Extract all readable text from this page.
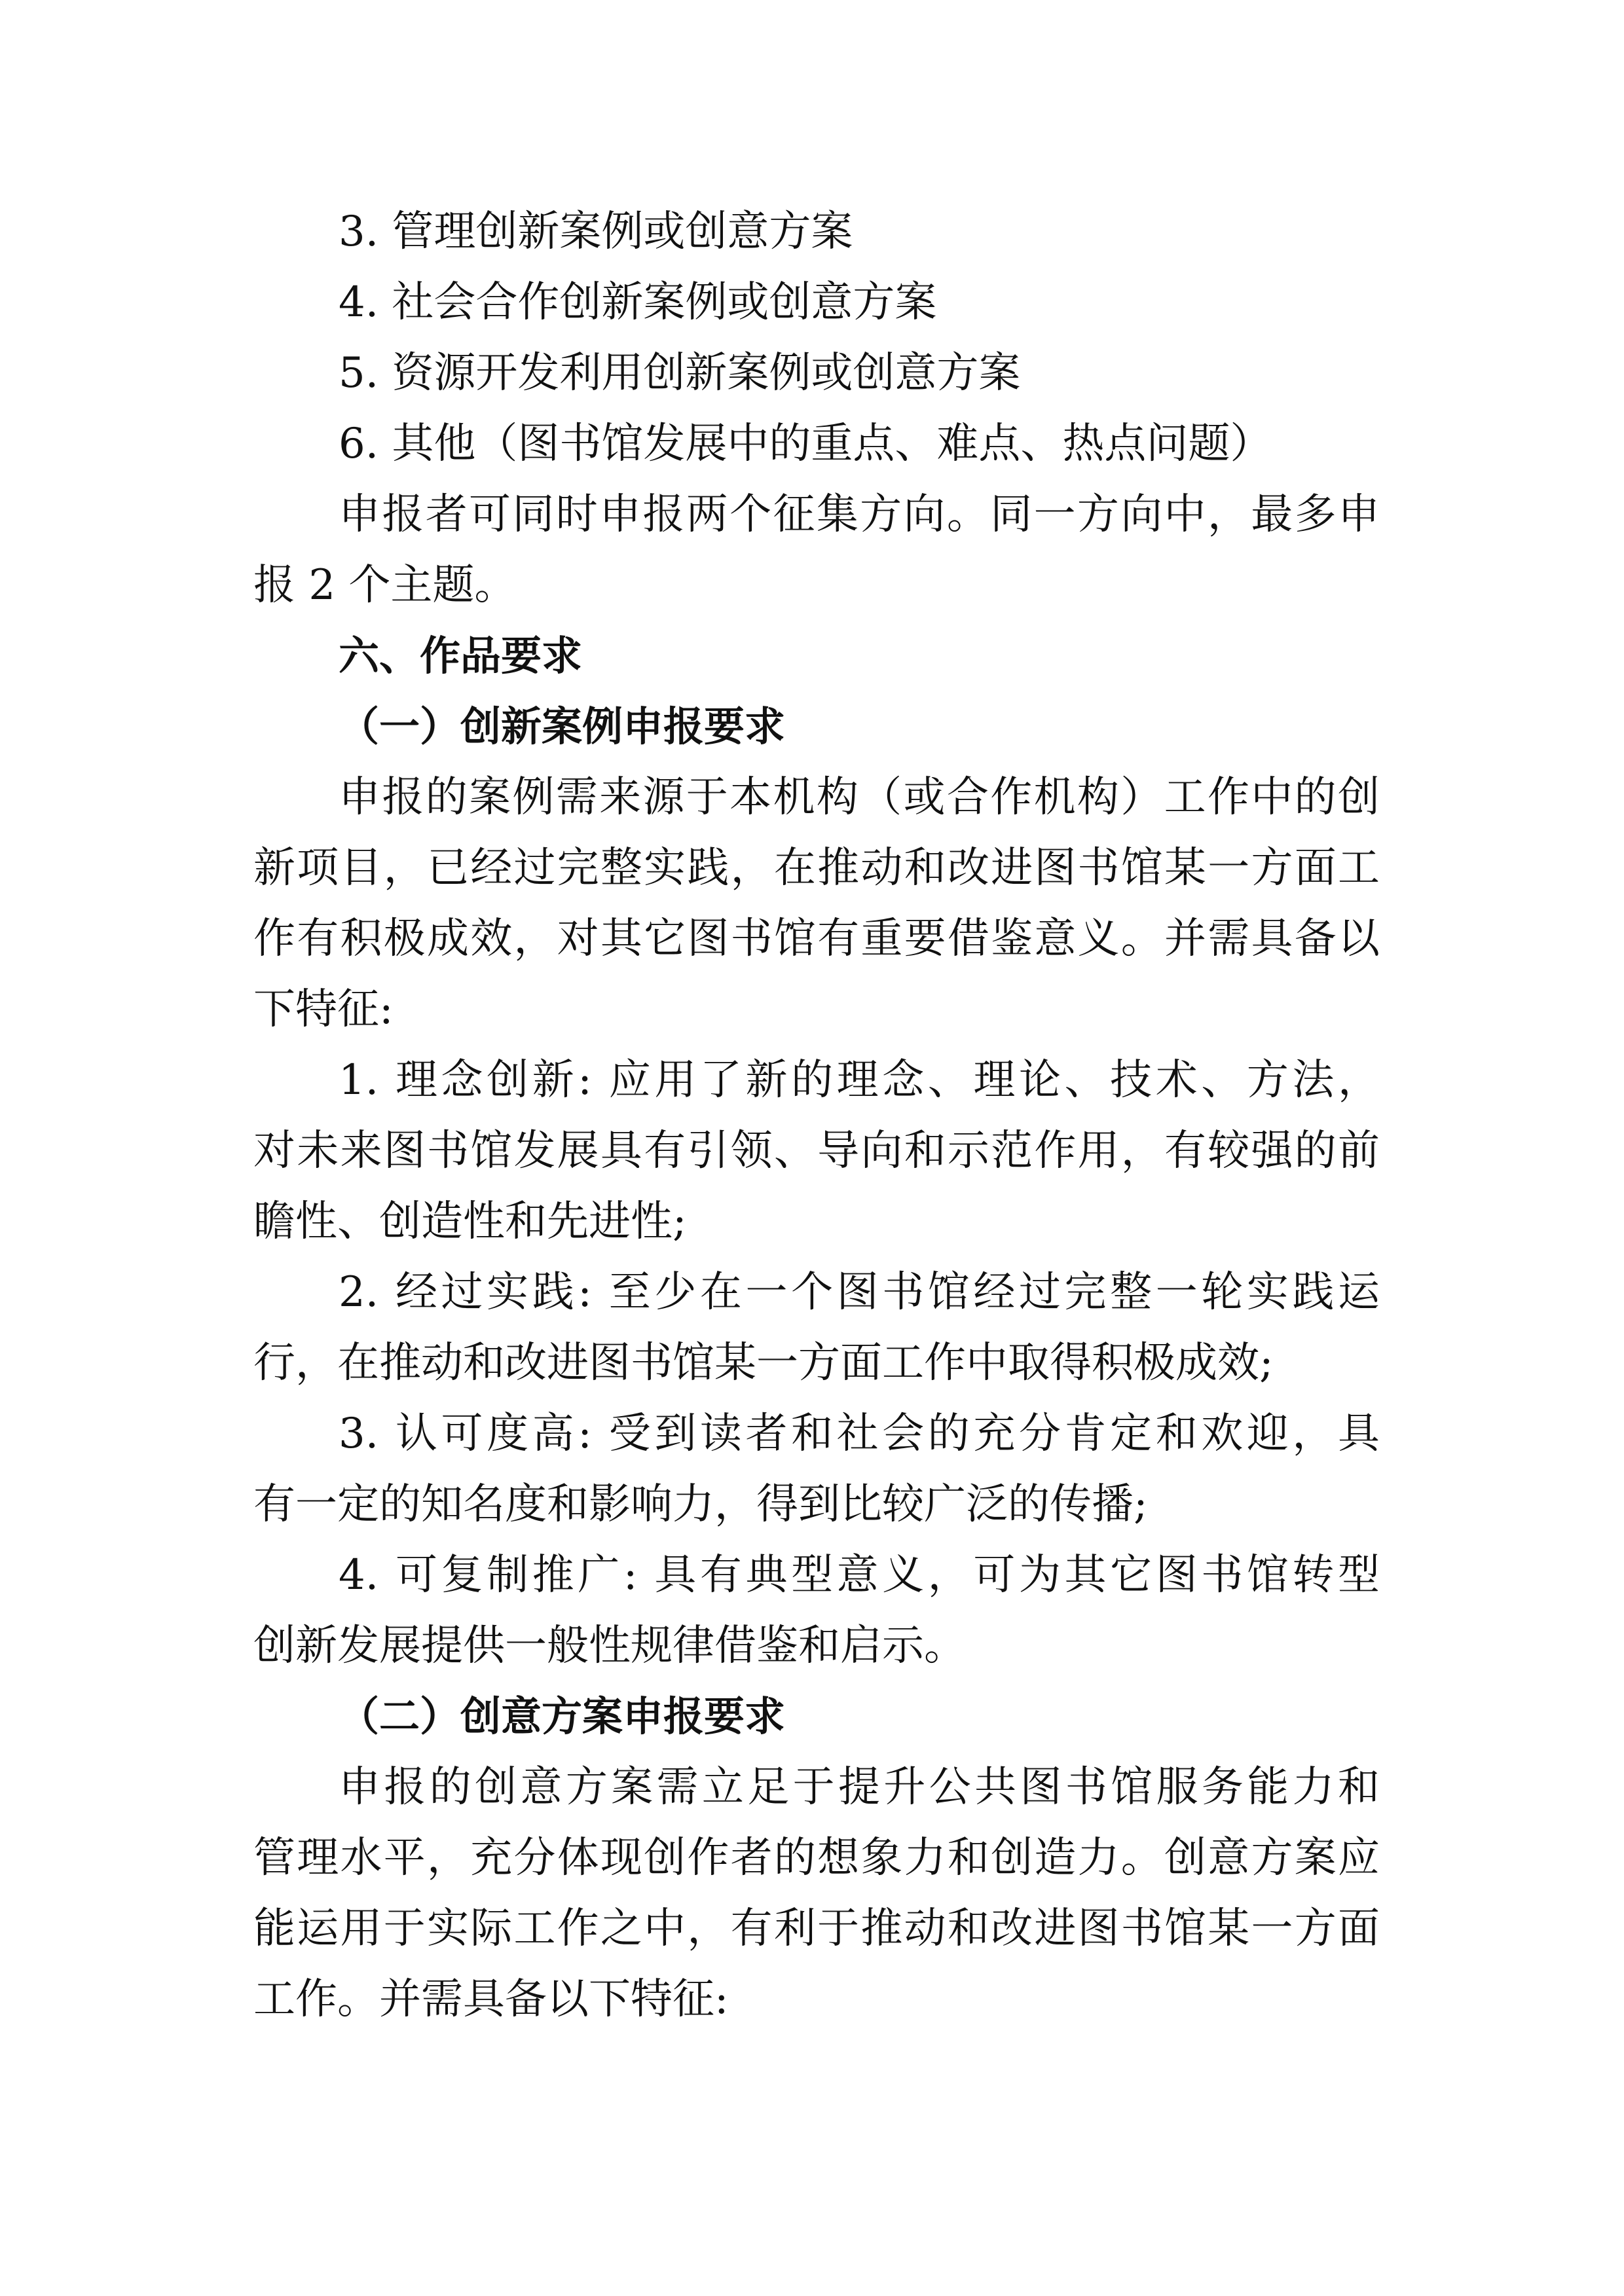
3. 管理创新案例或创意方案
4. 社会合作创新案例或创意方案
5. 资源开发利用创新案例或创意方案
6. 其他（图书馆发展中的重点、难点、热点问题）
申报者可同时申报两个征集方向。同一方向中，最多申
报 2 个主题。
六、作品要求
（一）创新案例申报要求
申报的案例需来源于本机构（或合作机构）工作中的创
新项目，已经过完整实践，在推动和改进图书馆某一方面工
作有积极成效，对其它图书馆有重要借鉴意义。并需具备以
下特征:
1. 理念创新: 应用了新的理念、理论、技术、方法，
对未来图书馆发展具有引领、导向和示范作用，有较强的前
瞻性、创造性和先进性;
2. 经过实践: 至少在一个图书馆经过完整一轮实践运
行，在推动和改进图书馆某一方面工作中取得积极成效;
3. 认可度高: 受到读者和社会的充分肯定和欢迎，具
有一定的知名度和影响力，得到比较广泛的传播;
4. 可复制推广: 具有典型意义，可为其它图书馆转型
创新发展提供一般性规律借鉴和启示。
（二）创意方案申报要求
申报的创意方案需立足于提升公共图书馆服务能力和
管理水平，充分体现创作者的想象力和创造力。创意方案应
能运用于实际工作之中，有利于推动和改进图书馆某一方面
工作。并需具备以下特征:
